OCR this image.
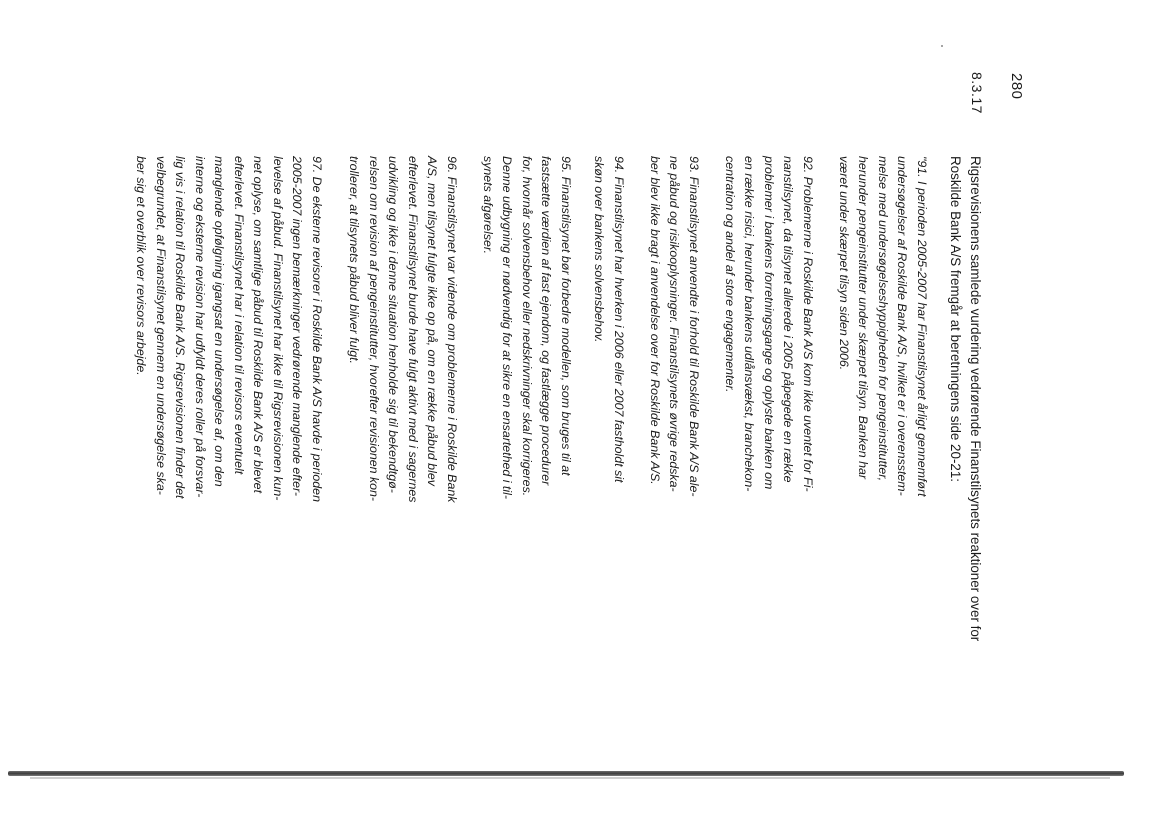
280
8.3.17
Rigsrevisionens samlede vurdering vedrørende Finanstilsynets reaktioner over for Roskilde Bank A/S fremgår at beretningens side 20-21:
"91. I perioden 2005-2007 har Finanstilsynet årligt gennemført
undersøgelser af Roskilde Bank A/S, hvilket er i overensstem-
melse med undersøgelseshyppigheden for pengeinstitutter,
herunder pengeinstitutter under skærpet tilsyn. Banken har
været under skærpet tilsyn siden 2006.
92. Problemerne i Roskilde Bank A/S kom ikke uventet for Fi-
nanstilsynet, da tilsynet allerede i 2005 påpegede en række
problemer i bankens forretningsgange og oplyste banken om
en række risici, herunder bankens udlånsvækst, branchekon-
centration og andel af store engagementer.
93. Finanstilsynet anvendte i forhold til Roskilde Bank A/S ale-
ne påbud og risikooplysninger. Finanstilsynets øvrige redska-
ber blev ikke bragt i anvendelse over for Roskilde Bank A/S.
94. Finanstilsynet har hverken i 2006 eller 2007 fastholdt sit
skøn over bankens solvensbehov.
95. Finanstilsynet bør forbedre modellen, som bruges til at
fastsætte værdien af fast ejendom, og fastlægge procedurer
for, hvornår solvensbehov eller nedskrivninger skal korrigeres.
Denne udbygning er nødvendig for at sikre en ensartethed i til-
synets afgørelser.
96. Finanstilsynet var vidende om problemerne i Roskilde Bank
A/S, men tilsynet fulgte ikke op på, om en række påbud blev
efterlevet. Finanstilsynet burde have fulgt aktivt med i sagernes
udvikling og ikke i denne situation henholde sig til bekendtgø-
relsen om revision af pengeinstitutter, hvorefter revisionen kon-
trollerer, at tilsynets påbud bliver fulgt.
97. De eksterne revisorer i Roskilde Bank A/S havde i perioden
2005-2007 ingen bemærkninger vedrørende manglende efter-
levelse af påbud. Finanstilsynet har ikke til Rigsrevisionen kun-
net oplyse, om samtlige påbud til Roskilde Bank A/S er blevet
efterlevet. Finanstilsynet har i relation til revisors eventuelt
manglende opfølgning igangsat en undersøgelse af, om den
interne og eksterne revision har udfyldt deres roller på forsvar-
lig vis i relation til Roskilde Bank A/S. Rigsrevisionen finder det
velbegrundet, at Finanstilsynet gennem en undersøgelse ska-
ber sig et overblik over revisors arbejde.
